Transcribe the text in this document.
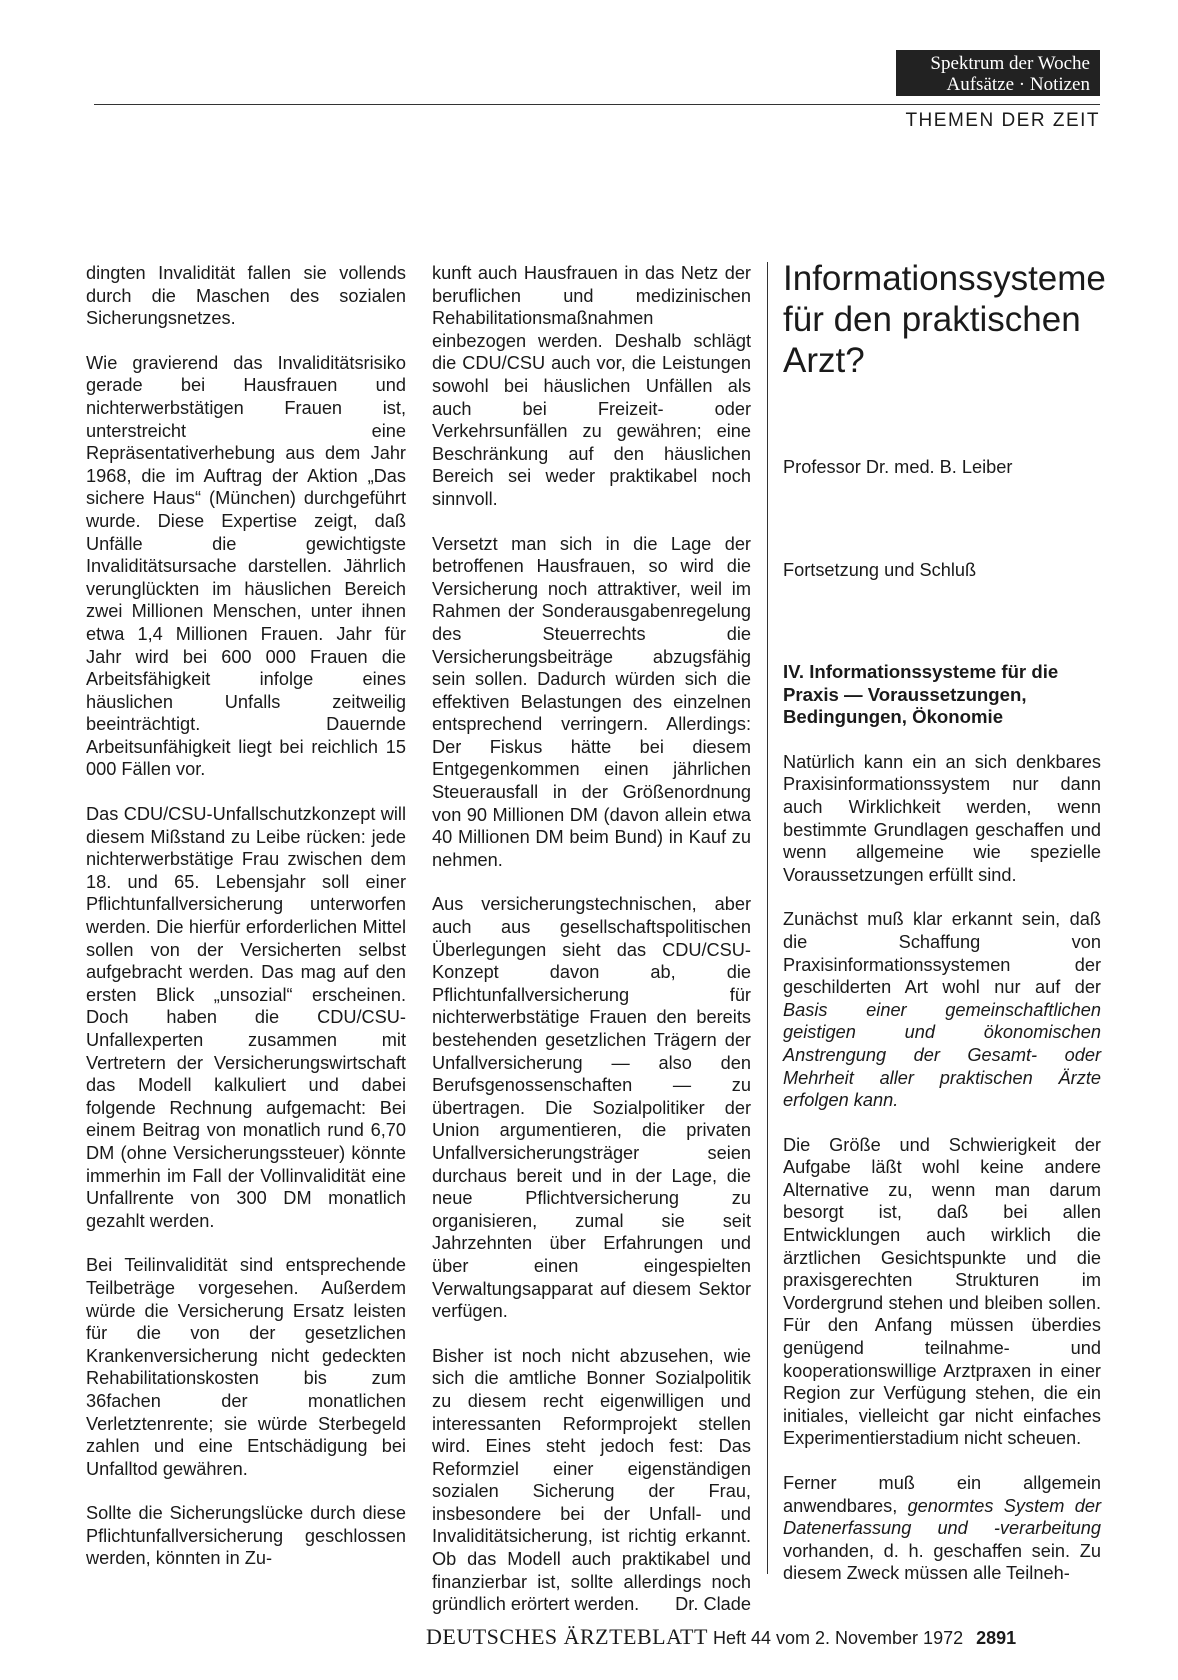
Spektrum der Woche
Aufsätze · Notizen
THEMEN DER ZEIT

dingten Invalidität fallen sie vollends durch die Maschen des sozialen Sicherungsnetzes.

Wie gravierend das Invaliditätsrisiko gerade bei Hausfrauen und nichterwerbstätigen Frauen ist, unterstreicht eine Repräsentativerhebung aus dem Jahr 1968, die im Auftrag der Aktion „Das sichere Haus“ (München) durchgeführt wurde. Diese Expertise zeigt, daß Unfälle die gewichtigste Invaliditätsursache darstellen. Jährlich verunglückten im häuslichen Bereich zwei Millionen Menschen, unter ihnen etwa 1,4 Millionen Frauen. Jahr für Jahr wird bei 600 000 Frauen die Arbeitsfähigkeit infolge eines häuslichen Unfalls zeitweilig beeinträchtigt. Dauernde Arbeitsunfähigkeit liegt bei reichlich 15 000 Fällen vor.

Das CDU/CSU-Unfallschutzkonzept will diesem Mißstand zu Leibe rücken: jede nichterwerbstätige Frau zwischen dem 18. und 65. Lebensjahr soll einer Pflichtunfallversicherung unterworfen werden. Die hierfür erforderlichen Mittel sollen von der Versicherten selbst aufgebracht werden. Das mag auf den ersten Blick „unsozial“ erscheinen. Doch haben die CDU/CSU-Unfallexperten zusammen mit Vertretern der Versicherungswirtschaft das Modell kalkuliert und dabei folgende Rechnung aufgemacht: Bei einem Beitrag von monatlich rund 6,70 DM (ohne Versicherungssteuer) könnte immerhin im Fall der Vollinvalidität eine Unfallrente von 300 DM monatlich gezahlt werden.

Bei Teilinvalidität sind entsprechende Teilbeträge vorgesehen. Außerdem würde die Versicherung Ersatz leisten für die von der gesetzlichen Krankenversicherung nicht gedeckten Rehabilitationskosten bis zum 36fachen der monatlichen Verletztenrente; sie würde Sterbegeld zahlen und eine Entschädigung bei Unfalltod gewähren.

Sollte die Sicherungslücke durch diese Pflichtunfallversicherung geschlossen werden, könnten in Zu-

kunft auch Hausfrauen in das Netz der beruflichen und medizinischen Rehabilitationsmaßnahmen einbezogen werden. Deshalb schlägt die CDU/CSU auch vor, die Leistungen sowohl bei häuslichen Unfällen als auch bei Freizeit- oder Verkehrsunfällen zu gewähren; eine Beschränkung auf den häuslichen Bereich sei weder praktikabel noch sinnvoll.

Versetzt man sich in die Lage der betroffenen Hausfrauen, so wird die Versicherung noch attraktiver, weil im Rahmen der Sonderausgabenregelung des Steuerrechts die Versicherungsbeiträge abzugsfähig sein sollen. Dadurch würden sich die effektiven Belastungen des einzelnen entsprechend verringern. Allerdings: Der Fiskus hätte bei diesem Entgegenkommen einen jährlichen Steuerausfall in der Größenordnung von 90 Millionen DM (davon allein etwa 40 Millionen DM beim Bund) in Kauf zu nehmen.

Aus versicherungstechnischen, aber auch aus gesellschaftspolitischen Überlegungen sieht das CDU/CSU-Konzept davon ab, die Pflichtunfallversicherung für nichterwerbstätige Frauen den bereits bestehenden gesetzlichen Trägern der Unfallversicherung — also den Berufsgenossenschaften — zu übertragen. Die Sozialpolitiker der Union argumentieren, die privaten Unfallversicherungsträger seien durchaus bereit und in der Lage, die neue Pflichtversicherung zu organisieren, zumal sie seit Jahrzehnten über Erfahrungen und über einen eingespielten Verwaltungsapparat auf diesem Sektor verfügen.

Bisher ist noch nicht abzusehen, wie sich die amtliche Bonner Sozialpolitik zu diesem recht eigenwilligen und interessanten Reformprojekt stellen wird. Eines steht jedoch fest: Das Reformziel einer eigenständigen sozialen Sicherung der Frau, insbesondere bei der Unfall- und Invaliditätsicherung, ist richtig erkannt. Ob das Modell auch praktikabel und finanzierbar ist, sollte allerdings noch gründlich erörtert werden. Dr. Clade

Informationssysteme für den praktischen Arzt?

Professor Dr. med. B. Leiber

Fortsetzung und Schluß

IV. Informationssysteme für die Praxis — Voraussetzungen, Bedingungen, Ökonomie

Natürlich kann ein an sich denkbares Praxisinformationssystem nur dann auch Wirklichkeit werden, wenn bestimmte Grundlagen geschaffen und wenn allgemeine wie spezielle Voraussetzungen erfüllt sind.

Zunächst muß klar erkannt sein, daß die Schaffung von Praxisinformationssystemen der geschilderten Art wohl nur auf der Basis einer gemeinschaftlichen geistigen und ökonomischen Anstrengung der Gesamt- oder Mehrheit aller praktischen Ärzte erfolgen kann.

Die Größe und Schwierigkeit der Aufgabe läßt wohl keine andere Alternative zu, wenn man darum besorgt ist, daß bei allen Entwicklungen auch wirklich die ärztlichen Gesichtspunkte und die praxisgerechten Strukturen im Vordergrund stehen und bleiben sollen. Für den Anfang müssen überdies genügend teilnahme- und kooperationswillige Arztpraxen in einer Region zur Verfügung stehen, die ein initiales, vielleicht gar nicht einfaches Experimentierstadium nicht scheuen.

Ferner muß ein allgemein anwendbares, genormtes System der Datenerfassung und -verarbeitung vorhanden, d. h. geschaffen sein. Zu diesem Zweck müssen alle Teilneh-

DEUTSCHES ÄRZTEBLATT Heft 44 vom 2. November 1972 2891
